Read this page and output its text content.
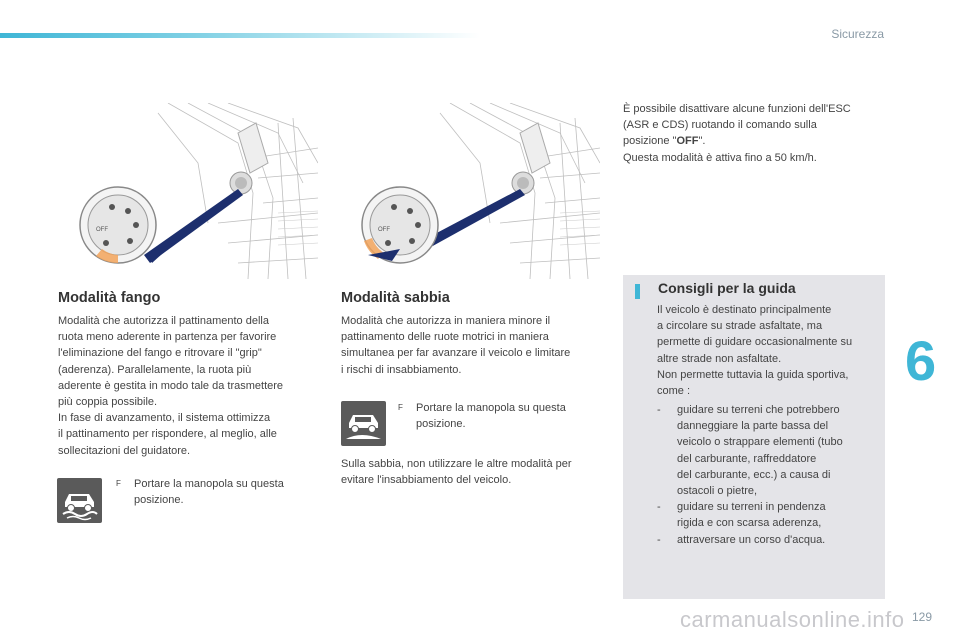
Sicurezza
OFF	OFF
Modalità fango

Modalità che autorizza il pattinamento della
ruota meno aderente in partenza per favorire
l'eliminazione del fango e ritrovare il "grip"
(aderenza). Parallelamente, la ruota più
aderente è gestita in modo tale da trasmettere
più coppia possibile.
In fase di avanzamento, il sistema ottimizza
il pattinamento per rispondere, al meglio, alle
sollecitazioni del guidatore.

F	Portare la manopola su questa
posizione.
Modalità sabbia

Modalità che autorizza in maniera minore il
pattinamento delle ruote motrici in maniera
simultanea per far avanzare il veicolo e limitare
i rischi di insabbiamento.

F	Portare la manopola su questa
posizione.

Sulla sabbia, non utilizzare le altre modalità per
evitare l'insabbiamento del veicolo.

È possibile disattivare alcune funzioni dell'ESC
(ASR e CDS) ruotando il comando sulla
posizione "OFF".
Questa modalità è attiva fino a 50 km/h.

Consigli per la guida
Il veicolo è destinato principalmente
a circolare su strade asfaltate, ma
permette di guidare occasionalmente su
altre strade non asfaltate.
Non permette tuttavia la guida sportiva,
come :
- guidare su terreni che potrebbero
danneggiare la parte bassa del
veicolo o strappare elementi (tubo
del carburante, raffreddatore
del carburante, ecc.) a causa di
ostacoli o pietre,
- guidare su terreni in pendenza
rigida e con scarsa aderenza,
- attraversare un corso d'acqua.
6
carmanualsonline.info 129
